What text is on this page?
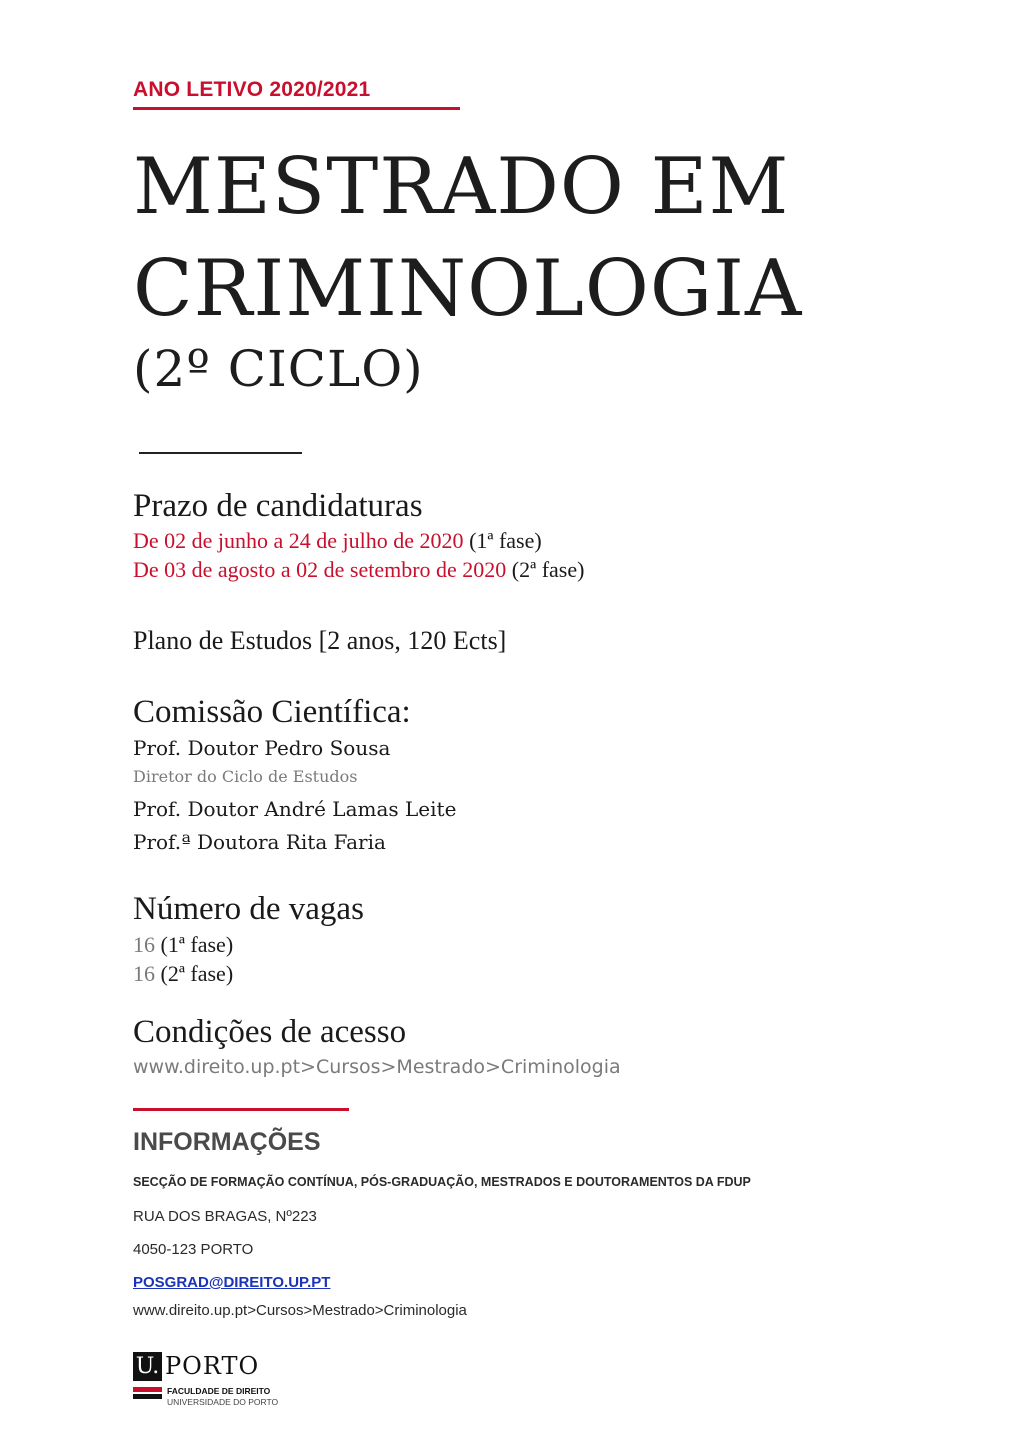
ANO LETIVO 2020/2021
MESTRADO EM
CRIMINOLOGIA
(2º CICLO)
Prazo de candidaturas
De 02 de junho a 24 de julho de 2020 (1ª fase)
De 03 de agosto a 02 de setembro de 2020 (2ª fase)
Plano de Estudos [2 anos, 120 Ects]
Comissão Científica:
Prof. Doutor Pedro Sousa
Diretor do Ciclo de Estudos
Prof. Doutor André Lamas Leite
Prof.ª Doutora Rita Faria
Número de vagas
16 (1ª fase)
16 (2ª fase)
Condições de acesso
www.direito.up.pt>Cursos>Mestrado>Criminologia
INFORMAÇÕES
SECÇÃO DE FORMAÇÃO CONTÍNUA, PÓS-GRADUAÇÃO, MESTRADOS E DOUTORAMENTOS DA FDUP
RUA DOS BRAGAS, Nº223
4050-123 PORTO
POSGRAD@DIREITO.UP.PT
www.direito.up.pt>Cursos>Mestrado>Criminologia
U. PORTO
FACULDADE DE DIREITO
UNIVERSIDADE DO PORTO
